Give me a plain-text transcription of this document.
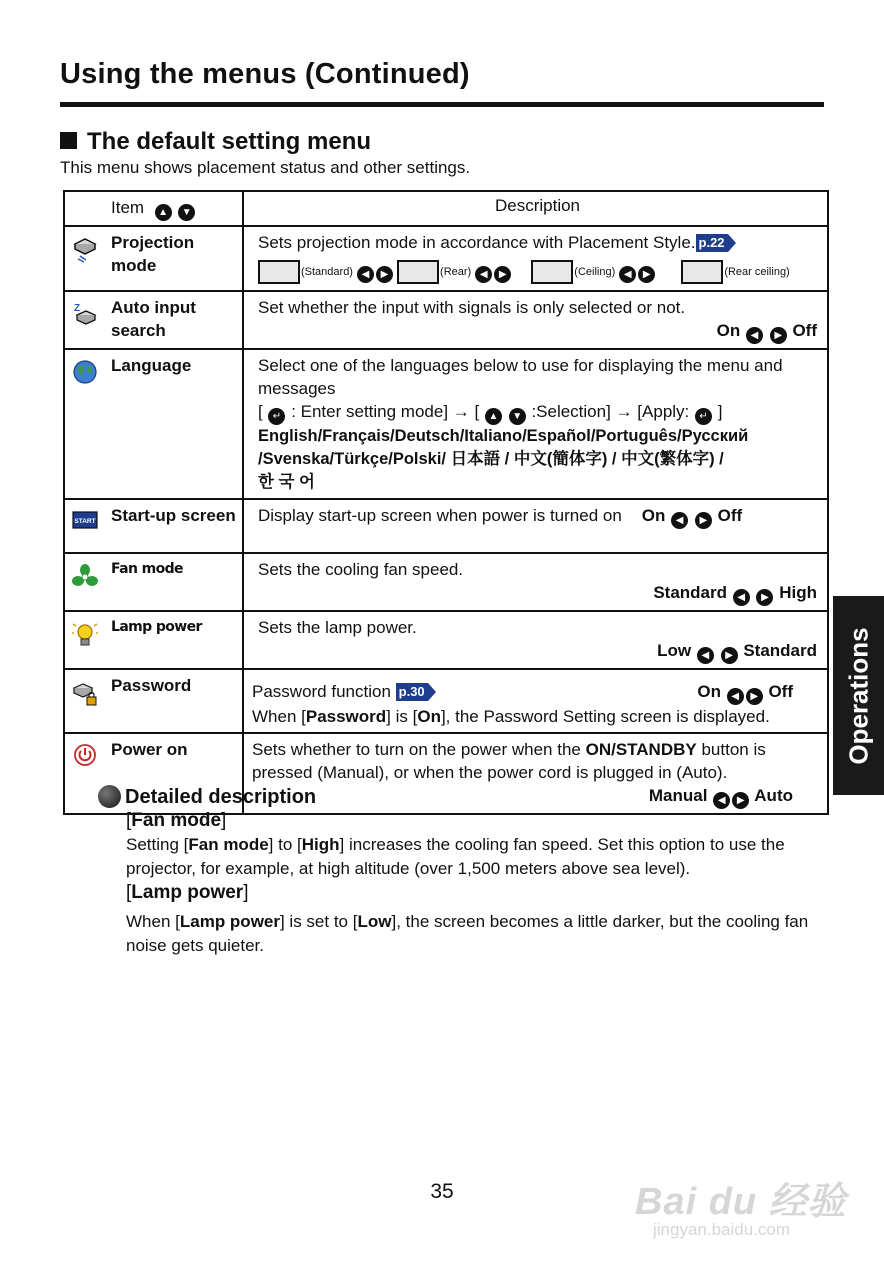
Using the menus (Continued)
The default setting menu
This menu shows placement status and other settings.
	Item ▲ ▼	Description

	Projection mode	Sets projection mode in accordance with Placement Style. p.22
(Standard) ◀ ▶ (Rear) ◀ ▶ (Ceiling) ◀ ▶ (Rear ceiling)

Z	Auto input search	Set whether the input with signals is only selected or not.
On ◀ ▶ Off

	Language	Select one of the languages below to use for displaying the menu and messages
[ ↵ : Enter setting mode] → [ ▲ ▼ :Selection] → [Apply: ↵ ]
English/Français/Deutsch/Italiano/Español/Português/Русский
/Svenska/Türkçe/Polski/ 日本語 / 中文(簡体字) / 中文(繁体字) /
한 국 어

START	Start-up screen	Display start-up screen when power is turned on On ◀ ▶ Off

	Fan mode	Sets the cooling fan speed.
Standard ◀ ▶ High

	Lamp power	Sets the lamp power.
Low ◀ ▶ Standard

	Password	Password function p.30 On ◀ ▶ Off
When [Password] is [On], the Password Setting screen is displayed.

	Power on	Sets whether to turn on the power when the ON/STANDBY button is pressed (Manual), or when the power cord is plugged in (Auto).
Manual ◀ ▶ Auto
Operations
Detailed description
[Fan mode]
Setting [Fan mode] to [High] increases the cooling fan speed. Set this option to use the projector, for example, at high altitude (over 1,500 meters above sea level).
[Lamp power]
When [Lamp power] is set to [Low], the screen becomes a little darker, but the cooling fan noise gets quieter.
35	Bai du 经验
jingyan.baidu.com
